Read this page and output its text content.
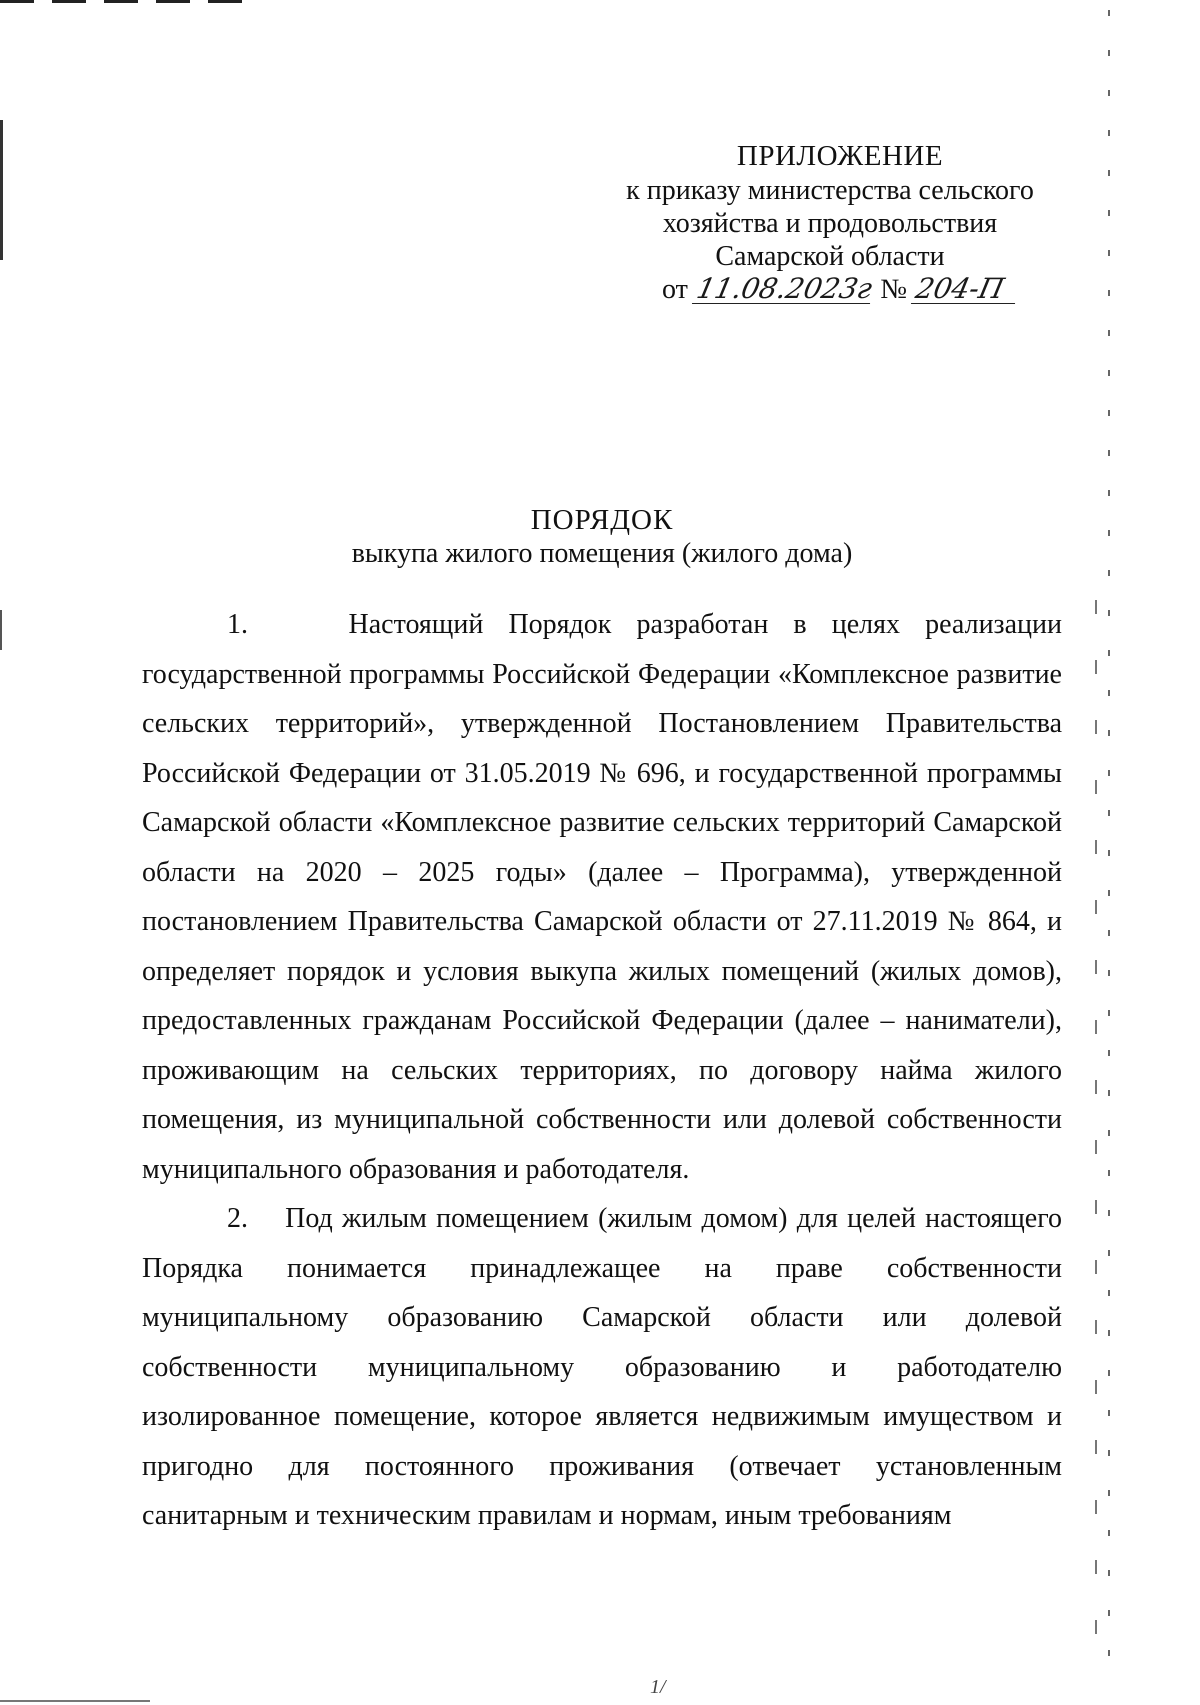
ПРИЛОЖЕНИЕ
к приказу министерства сельского
хозяйства и продовольствия
Самарской области
от 11.08.2023г № 204-П
ПОРЯДОК
выкупа жилого помещения (жилого дома)

1.	Настоящий Порядок разработан в целях реализации государственной программы Российской Федерации «Комплексное развитие сельских территорий», утвержденной Постановлением Правительства Российской Федерации от 31.05.2019 № 696, и государственной программы Самарской области «Комплексное развитие сельских территорий Самарской области на 2020 – 2025 годы» (далее – Программа), утвержденной постановлением Правительства Самарской области от 27.11.2019 № 864, и определяет порядок и условия выкупа жилых помещений (жилых домов), предоставленных гражданам Российской Федерации (далее – наниматели), проживающим на сельских территориях, по договору найма жилого помещения, из муниципальной собственности или долевой собственности муниципального образования и работодателя.

2. Под жилым помещением (жилым домом) для целей настоящего Порядка понимается принадлежащее на праве собственности муниципальному образованию Самарской области или долевой собственности муниципальному образованию и работодателю изолированное помещение, которое является недвижимым имуществом и пригодно для постоянного проживания (отвечает установленным санитарным и техническим правилам и нормам, иным требованиям

1/
